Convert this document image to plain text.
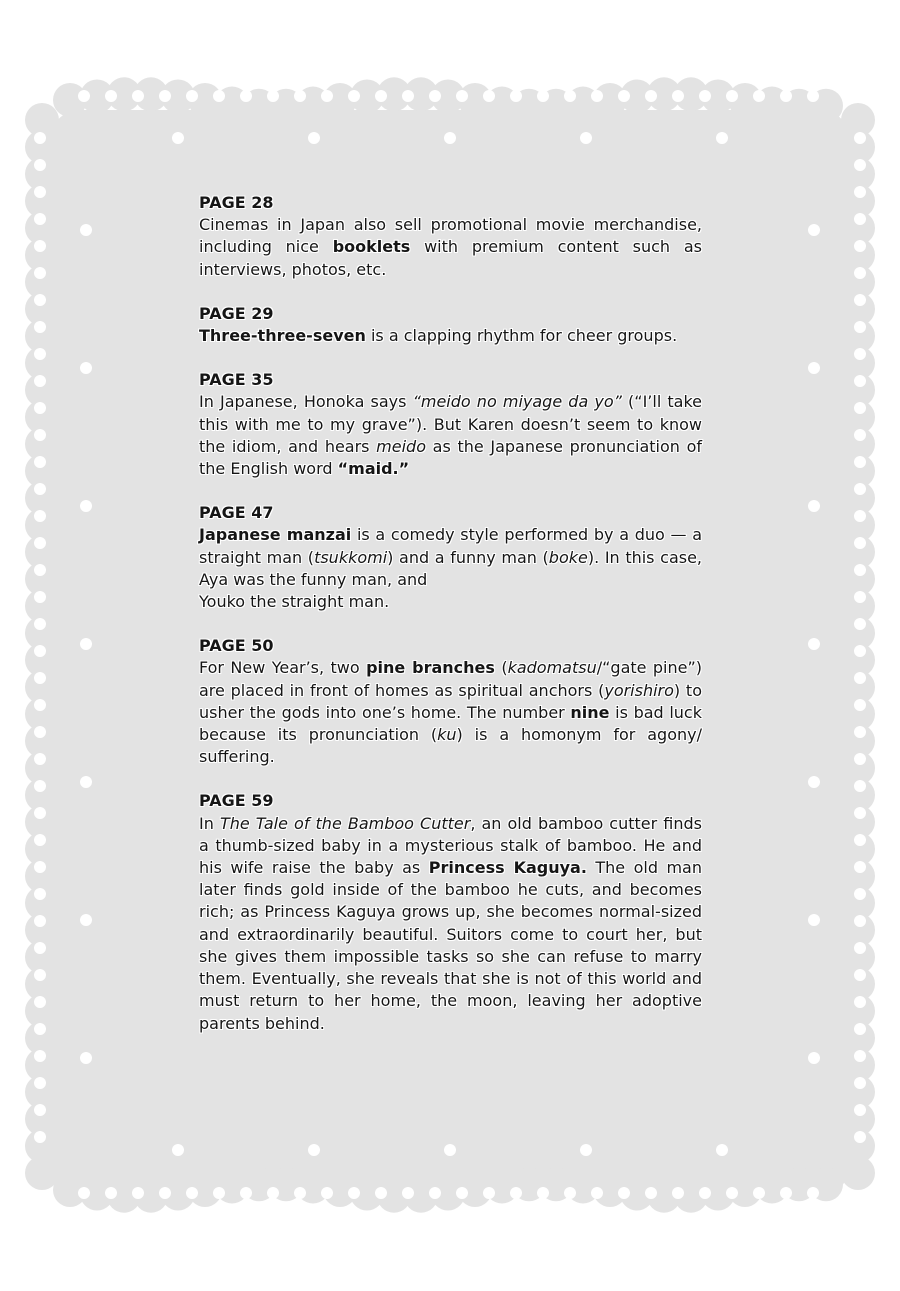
PAGE 28

Cinemas in Japan also sell promotional movie merchandise, including nice booklets with premium content such as interviews, photos, etc.

PAGE 29

Three-three-seven is a clapping rhythm for cheer groups.

PAGE 35

In Japanese, Honoka says “meido no miyage da yo” (“I’ll take this with me to my grave”). But Karen doesn’t seem to know the idiom, and hears meido as the Japanese pronunciation of the English word “maid.”

PAGE 47

Japanese manzai is a comedy style performed by a duo — a straight man (tsukkomi) and a funny man (boke). In this case, Aya was the funny man, and
Youko the straight man.

PAGE 50

For New Year’s, two pine branches (kadomatsu/“gate pine”) are placed in front of homes as spiritual anchors (yorishiro) to usher the gods into one’s home. The number nine is bad luck because its pronunciation (ku) is a homonym for agony/ suffering.

PAGE 59

In The Tale of the Bamboo Cutter, an old bamboo cutter finds a thumb-sized baby in a mysterious stalk of bamboo. He and his wife raise the baby as Princess Kaguya. The old man later finds gold inside of the bamboo he cuts, and becomes rich; as Princess Kaguya grows up, she becomes normal-sized and extraordinarily beautiful. Suitors come to court her, but she gives them impossible tasks so she can refuse to marry them. Eventually, she reveals that she is not of this world and must return to her home, the moon, leaving her adoptive parents behind.
